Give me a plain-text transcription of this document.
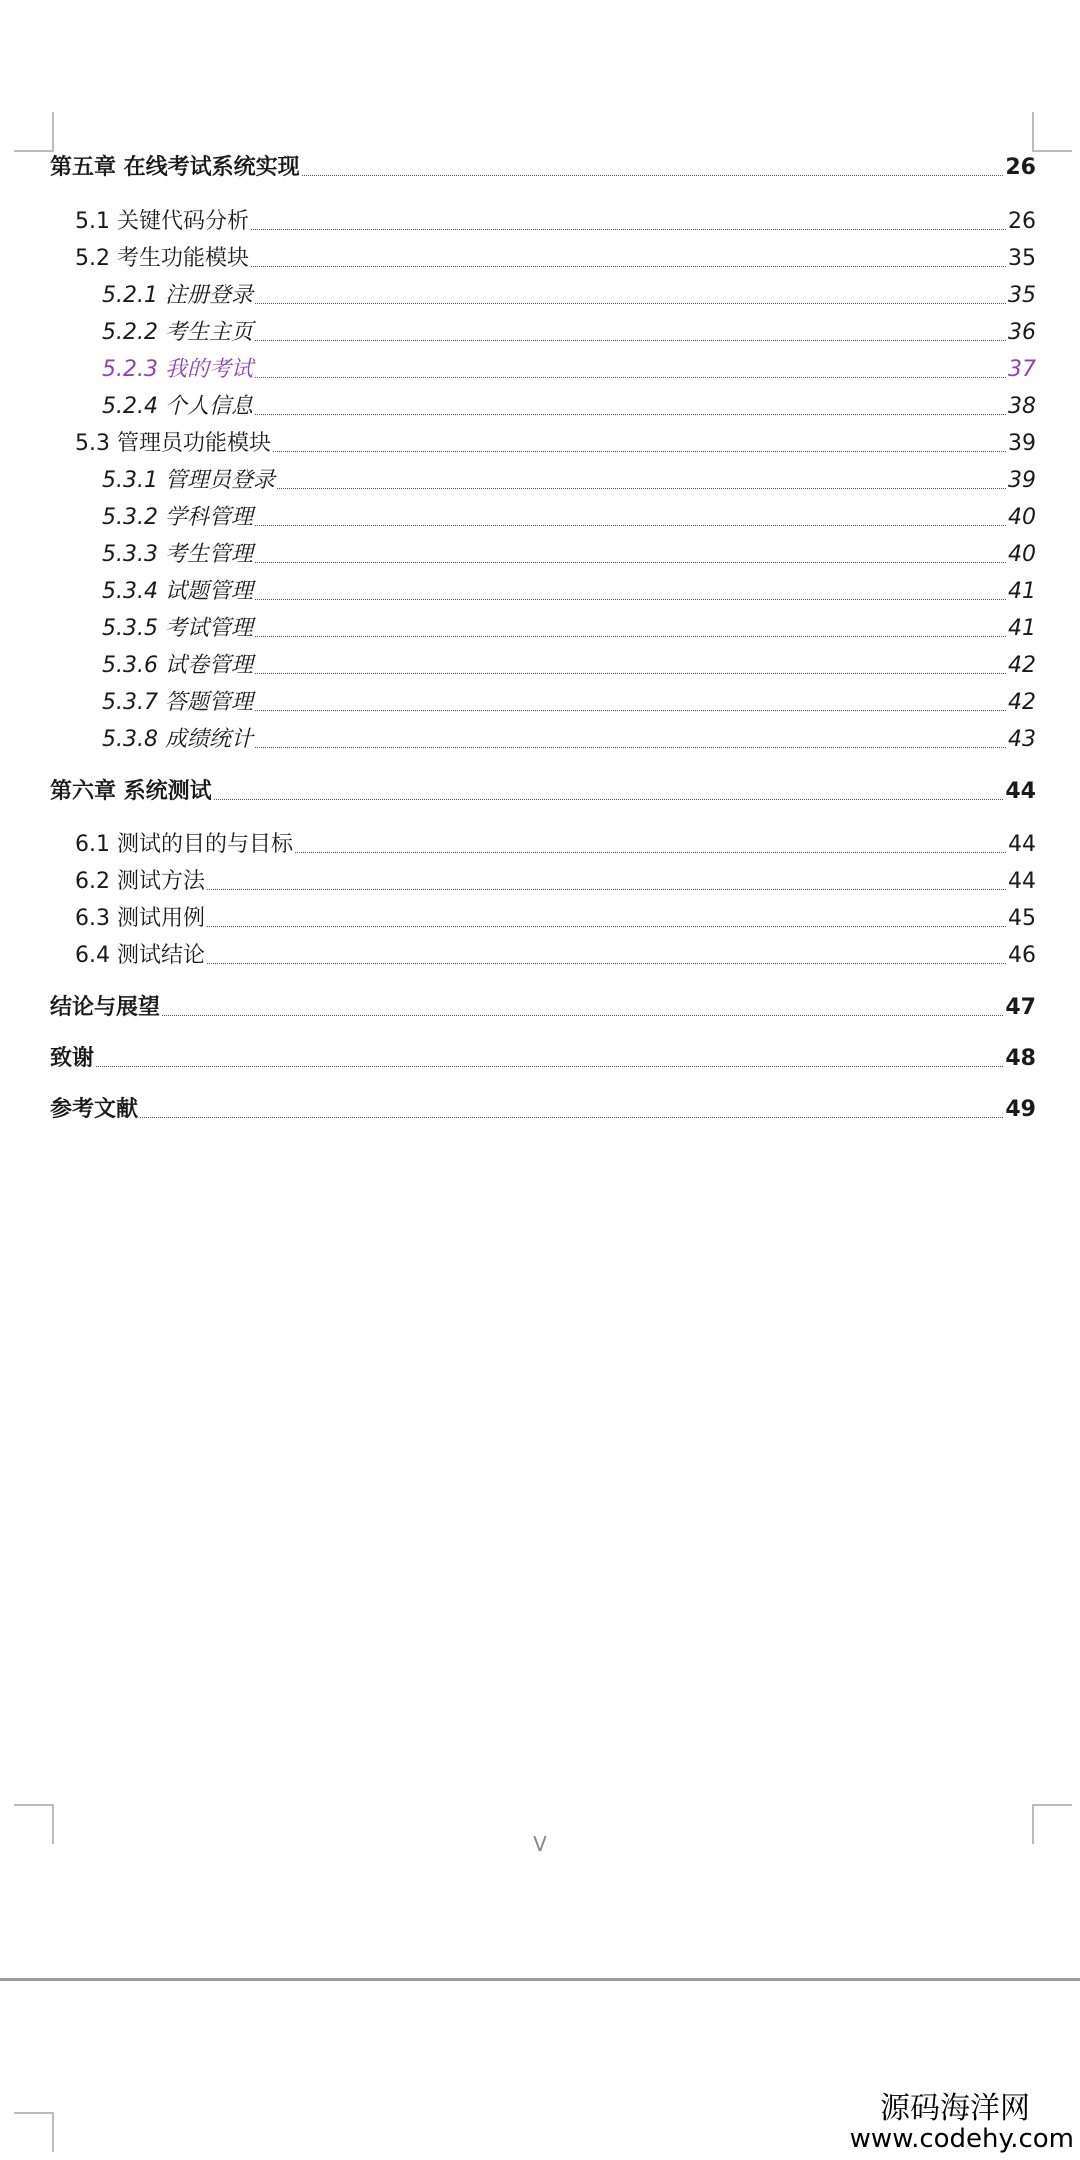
第五章 在线考试系统实现	26
5.1 关键代码分析	26
5.2 考生功能模块	35
5.2.1 注册登录	35
5.2.2 考生主页	36
5.2.3 我的考试	37
5.2.4 个人信息	38
5.3 管理员功能模块	39
5.3.1 管理员登录	39
5.3.2 学科管理	40
5.3.3 考生管理	40
5.3.4 试题管理	41
5.3.5 考试管理	41
5.3.6 试卷管理	42
5.3.7 答题管理	42
5.3.8 成绩统计	43
第六章 系统测试	44
6.1 测试的目的与目标	44
6.2 测试方法	44
6.3 测试用例	45
6.4 测试结论	46
结论与展望	47
致谢	48
参考文献	49
V
源码海洋网
www.codehy.com
